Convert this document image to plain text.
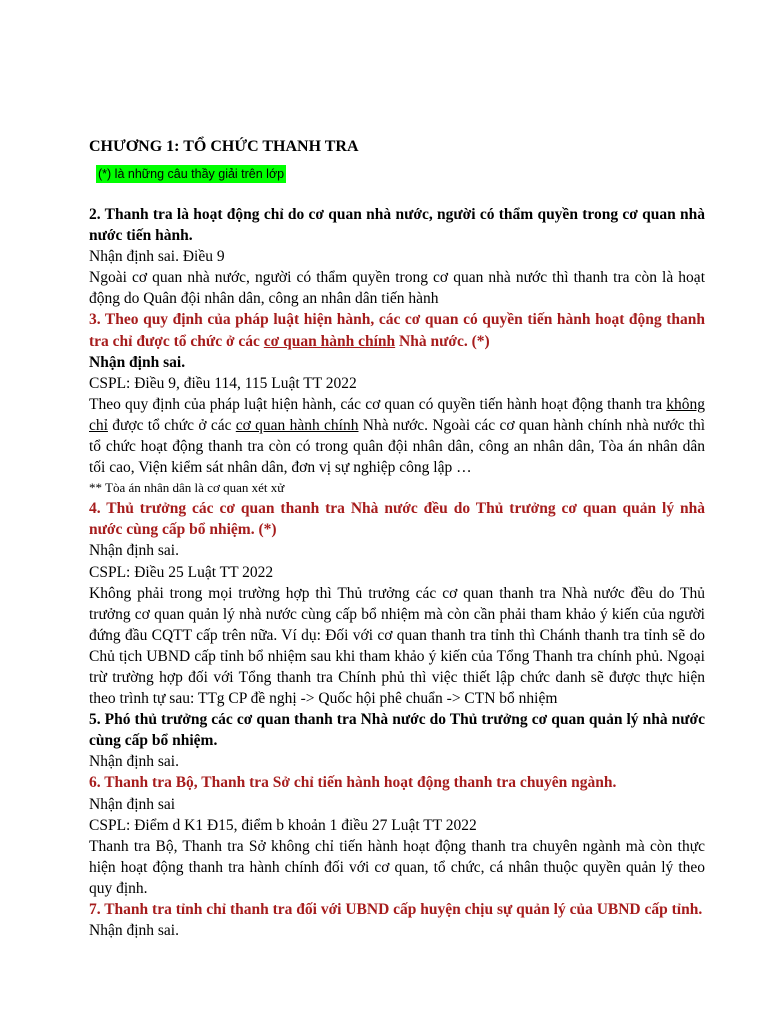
CHƯƠNG 1: TỔ CHỨC THANH TRA
(*) là những câu thầy giải trên lớp

2. Thanh tra là hoạt động chỉ do cơ quan nhà nước, người có thẩm quyền trong cơ quan nhà nước tiến hành.

Nhận định sai. Điều 9

Ngoài cơ quan nhà nước, người có thẩm quyền trong cơ quan nhà nước thì thanh tra còn là hoạt động do Quân đội nhân dân, công an nhân dân tiến hành

3. Theo quy định của pháp luật hiện hành, các cơ quan có quyền tiến hành hoạt động thanh tra chỉ được tổ chức ở các cơ quan hành chính Nhà nước. (*)

Nhận định sai.

CSPL: Điều 9, điều 114, 115 Luật TT 2022

Theo quy định của pháp luật hiện hành, các cơ quan có quyền tiến hành hoạt động thanh tra không chỉ được tổ chức ở các cơ quan hành chính Nhà nước. Ngoài các cơ quan hành chính nhà nước thì tổ chức hoạt động thanh tra còn có trong quân đội nhân dân, công an nhân dân, Tòa án nhân dân tối cao, Viện kiểm sát nhân dân, đơn vị sự nghiệp công lập …

** Tòa án nhân dân là cơ quan xét xử

4. Thủ trưởng các cơ quan thanh tra Nhà nước đều do Thủ trưởng cơ quan quản lý nhà nước cùng cấp bổ nhiệm. (*)

Nhận định sai.

CSPL: Điều 25 Luật TT 2022

Không phải trong mọi trường hợp thì Thủ trưởng các cơ quan thanh tra Nhà nước đều do Thủ trưởng cơ quan quản lý nhà nước cùng cấp bổ nhiệm mà còn cần phải tham khảo ý kiến của người đứng đầu CQTT cấp trên nữa. Ví dụ: Đối với cơ quan thanh tra tỉnh thì Chánh thanh tra tỉnh sẽ do Chủ tịch UBND cấp tỉnh bổ nhiệm sau khi tham khảo ý kiến của Tổng Thanh tra chính phủ. Ngoại trừ trường hợp đối với Tổng thanh tra Chính phủ thì việc thiết lập chức danh sẽ được thực hiện theo trình tự sau: TTg CP đề nghị -> Quốc hội phê chuẩn -> CTN bổ nhiệm

5. Phó thủ trưởng các cơ quan thanh tra Nhà nước do Thủ trưởng cơ quan quản lý nhà nước cùng cấp bổ nhiệm.

Nhận định sai.

6. Thanh tra Bộ, Thanh tra Sở chỉ tiến hành hoạt động thanh tra chuyên ngành.

Nhận định sai

CSPL: Điểm d K1 Đ15, điểm b khoản 1 điều 27 Luật TT 2022

Thanh tra Bộ, Thanh tra Sở không chỉ tiến hành hoạt động thanh tra chuyên ngành mà còn thực hiện hoạt động thanh tra hành chính đối với cơ quan, tổ chức, cá nhân thuộc quyền quản lý theo quy định.

7. Thanh tra tỉnh chỉ thanh tra đối với UBND cấp huyện chịu sự quản lý của UBND cấp tỉnh.

Nhận định sai.
